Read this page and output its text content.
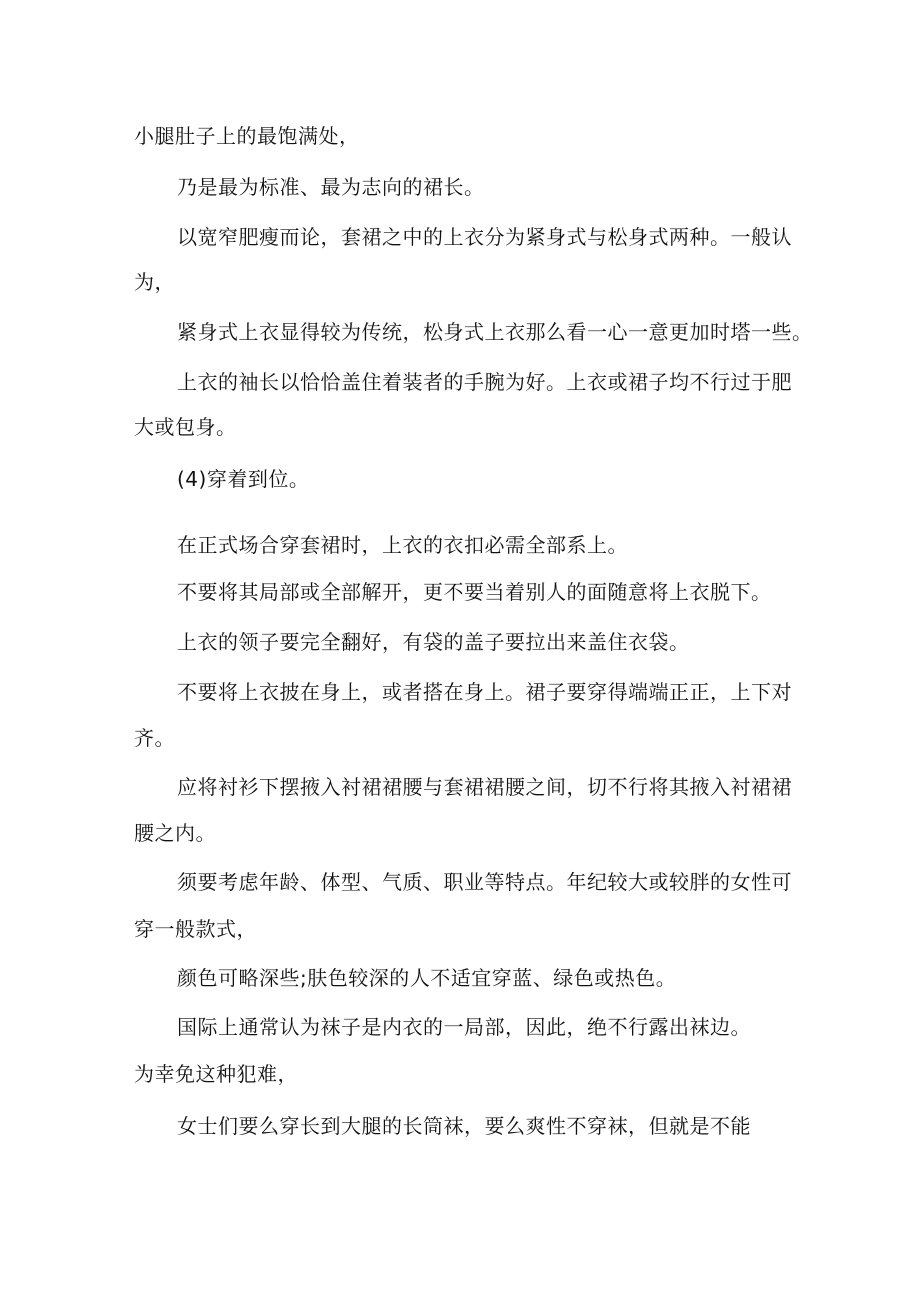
小腿肚子上的最饱满处，
乃是最为标准、最为志向的裙长。
以宽窄肥瘦而论，套裙之中的上衣分为紧身式与松身式两种。一般认
为，
紧身式上衣显得较为传统，松身式上衣那么看一心一意更加时塔一些。
上衣的袖长以恰恰盖住着装者的手腕为好。上衣或裙子均不行过于肥
大或包身。
(4)穿着到位。
在正式场合穿套裙时，上衣的衣扣必需全部系上。
不要将其局部或全部解开，更不要当着别人的面随意将上衣脱下。
上衣的领子要完全翻好，有袋的盖子要拉出来盖住衣袋。
不要将上衣披在身上，或者搭在身上。裙子要穿得端端正正，上下对
齐。
应将衬衫下摆掖入衬裙裙腰与套裙裙腰之间，切不行将其掖入衬裙裙
腰之内。
须要考虑年龄、体型、气质、职业等特点。年纪较大或较胖的女性可
穿一般款式，
颜色可略深些;肤色较深的人不适宜穿蓝、绿色或热色。
国际上通常认为袜子是内衣的一局部，因此，绝不行露出袜边。
为幸免这种犯难，
女士们要么穿长到大腿的长筒袜，要么爽性不穿袜，但就是不能
